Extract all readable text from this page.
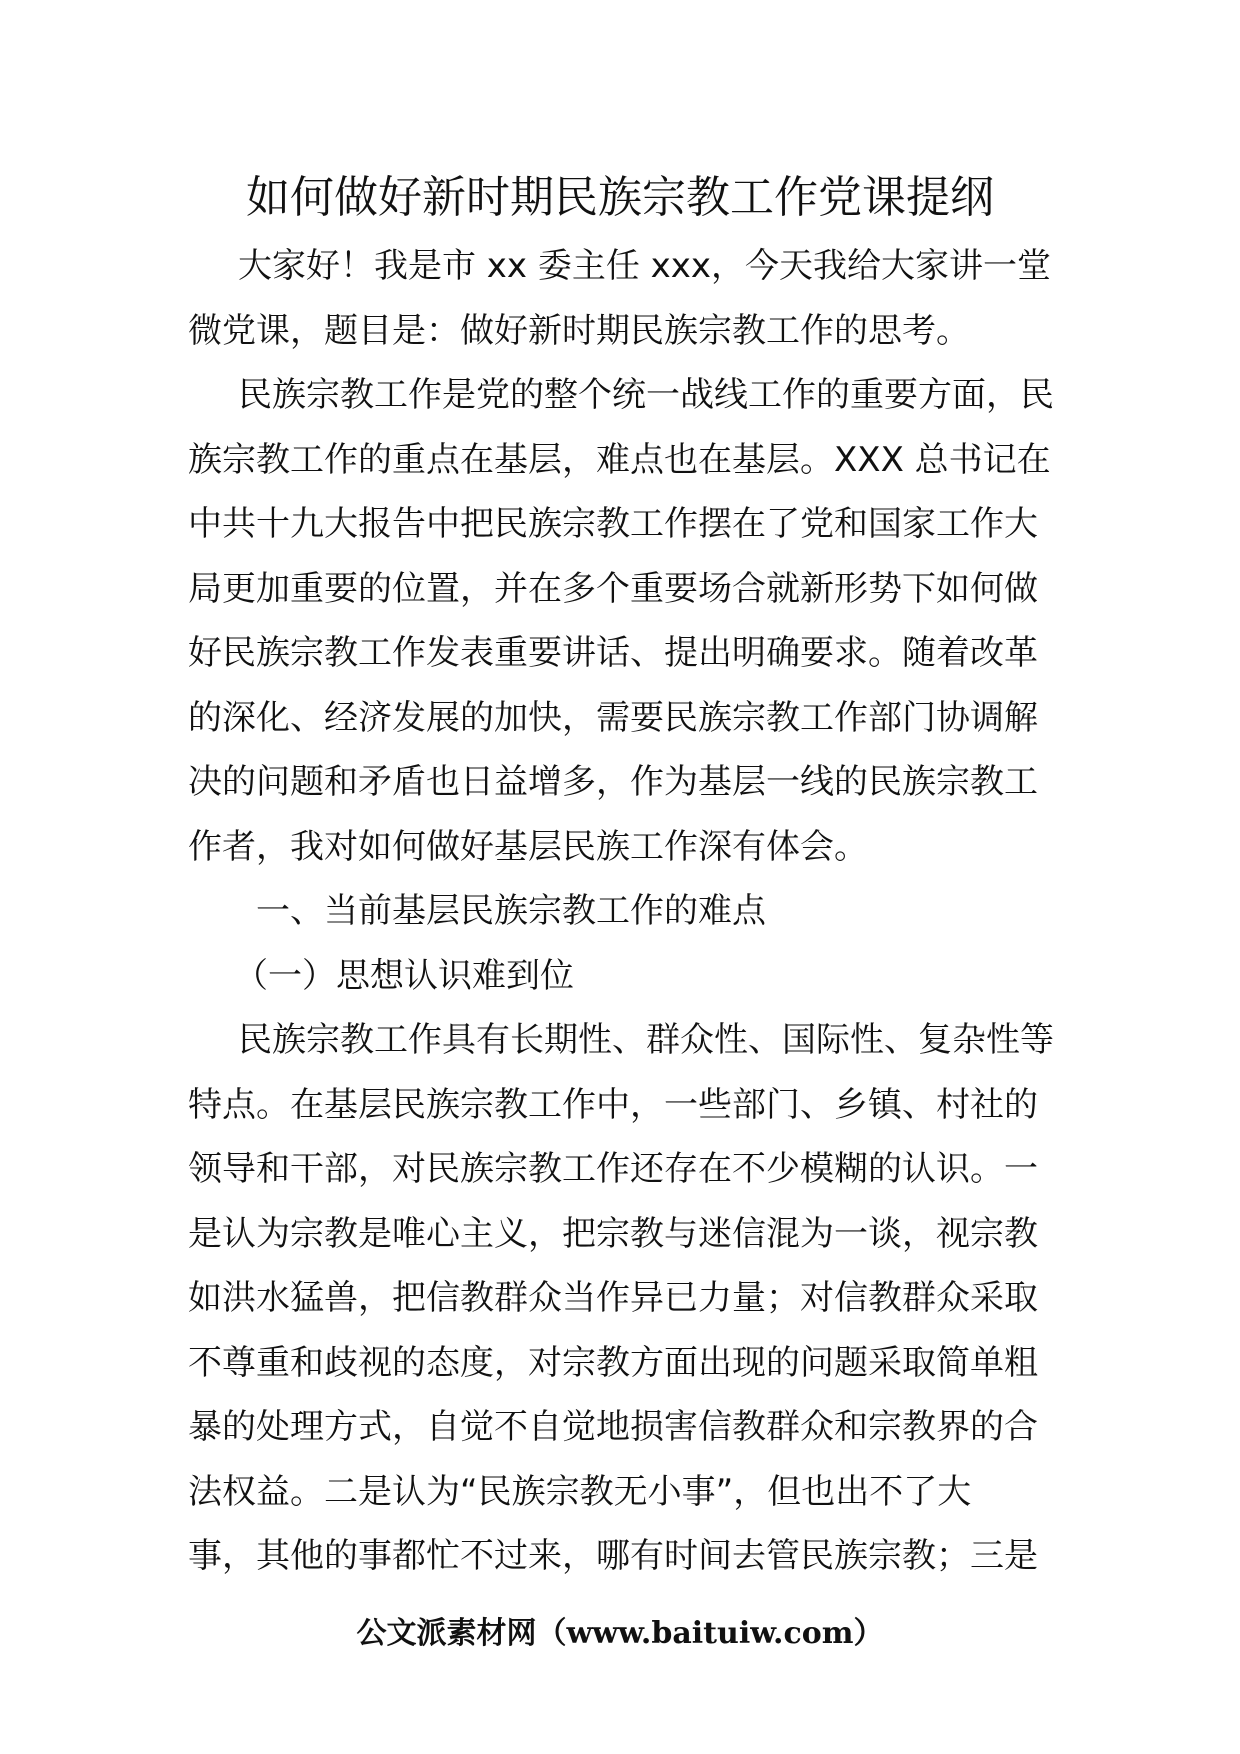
如何做好新时期民族宗教工作党课提纲
大家好！我是市 xx 委主任 xxx，今天我给大家讲一堂
微党课，题目是：做好新时期民族宗教工作的思考。
民族宗教工作是党的整个统一战线工作的重要方面，民
族宗教工作的重点在基层，难点也在基层。XXX 总书记在
中共十九大报告中把民族宗教工作摆在了党和国家工作大
局更加重要的位置，并在多个重要场合就新形势下如何做
好民族宗教工作发表重要讲话、提出明确要求。随着改革
的深化、经济发展的加快，需要民族宗教工作部门协调解
决的问题和矛盾也日益增多，作为基层一线的民族宗教工
作者，我对如何做好基层民族工作深有体会。
一、当前基层民族宗教工作的难点
（一）思想认识难到位
民族宗教工作具有长期性、群众性、国际性、复杂性等
特点。在基层民族宗教工作中，一些部门、乡镇、村社的
领导和干部，对民族宗教工作还存在不少模糊的认识。一
是认为宗教是唯心主义，把宗教与迷信混为一谈，视宗教
如洪水猛兽，把信教群众当作异已力量；对信教群众采取
不尊重和歧视的态度，对宗教方面出现的问题采取简单粗
暴的处理方式，自觉不自觉地损害信教群众和宗教界的合
法权益。二是认为“民族宗教无小事”，但也出不了大
事，其他的事都忙不过来，哪有时间去管民族宗教；三是
公文派素材网（www.baituiw.com）
